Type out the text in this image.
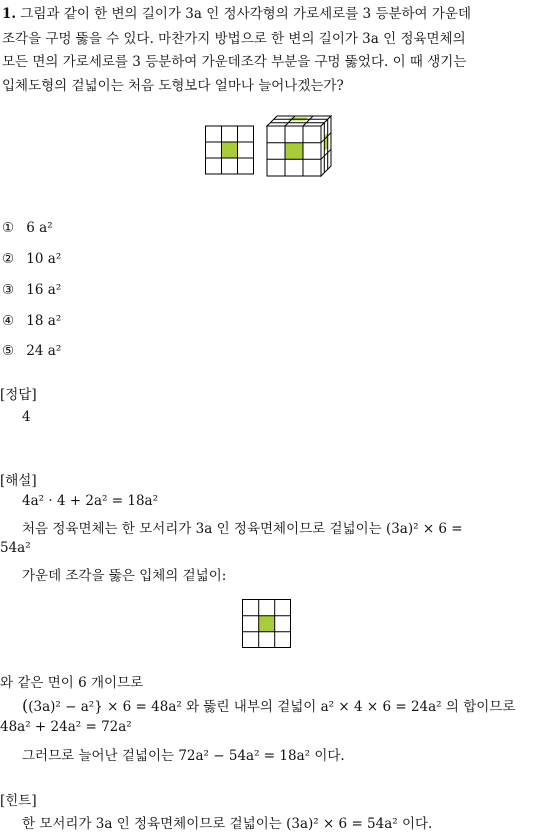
1. 그림과 같이 한 변의 길이가 3a 인 정사각형의 가로세로를 3 등분하여 가운데
조각을 구멍 뚫을 수 있다. 마찬가지 방법으로 한 변의 길이가 3a 인 정육면체의
모든 면의 가로세로를 3 등분하여 가운데조각 부분을 구멍 뚫었다. 이 때 생기는
입체도형의 겉넓이는 처음 도형보다 얼마나 늘어나겠는가?
① 6 a²
② 10 a²
③ 16 a²
④ 18 a²
⑤ 24 a²
[정답]
4
[해설]
4a² · 4 + 2a² = 18a²
처음 정육면체는 한 모서리가 3a 인 정육면체이므로 겉넓이는 (3a)² × 6 =
54a²
가운데 조각을 뚫은 입체의 겉넓이:
와 같은 면이 6 개이므로
((3a)² − a²} × 6 = 48a² 와 뚫린 내부의 겉넓이 a² × 4 × 6 = 24a² 의 합이므로
48a² + 24a² = 72a²
그러므로 늘어난 겉넓이는 72a² − 54a² = 18a² 이다.
[힌트]
한 모서리가 3a 인 정육면체이므로 겉넓이는 (3a)² × 6 = 54a² 이다.
